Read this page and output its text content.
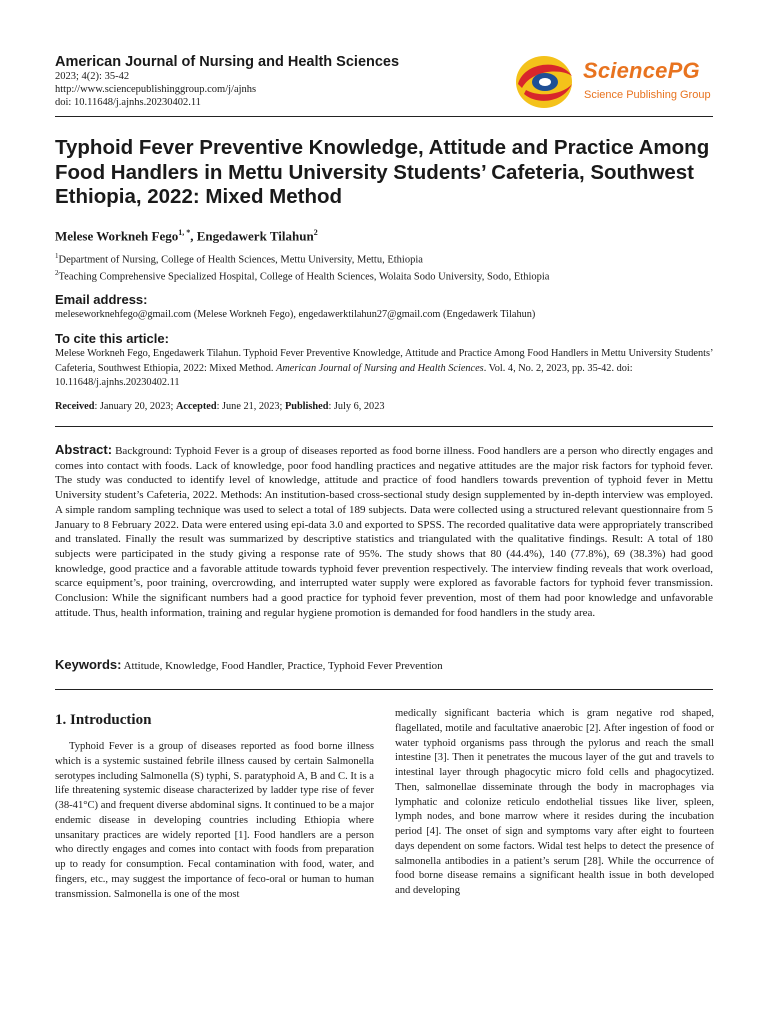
American Journal of Nursing and Health Sciences
2023; 4(2): 35-42
http://www.sciencepublishinggroup.com/j/ajnhs
doi: 10.11648/j.ajnhs.20230402.11
SciencePG
Science Publishing Group
Typhoid Fever Preventive Knowledge, Attitude and Practice Among Food Handlers in Mettu University Students’ Cafeteria, Southwest Ethiopia, 2022: Mixed Method
Melese Workneh Fego$^{1, *}$, Engedawerk Tilahun$^2$
$^1$Department of Nursing, College of Health Sciences, Mettu University, Mettu, Ethiopia
$^2$Teaching Comprehensive Specialized Hospital, College of Health Sciences, Wolaita Sodo University, Sodo, Ethiopia
Email address:
meleseworknehfego@gmail.com (Melese Workneh Fego), engedawerktilahun27@gmail.com (Engedawerk Tilahun)
To cite this article:
Melese Workneh Fego, Engedawerk Tilahun. Typhoid Fever Preventive Knowledge, Attitude and Practice Among Food Handlers in Mettu University Students’ Cafeteria, Southwest Ethiopia, 2022: Mixed Method. American Journal of Nursing and Health Sciences. Vol. 4, No. 2, 2023, pp. 35-42. doi: 10.11648/j.ajnhs.20230402.11
Received: January 20, 2023; Accepted: June 21, 2023; Published: July 6, 2023
Abstract: Background: Typhoid Fever is a group of diseases reported as food borne illness. Food handlers are a person who directly engages and comes into contact with foods. Lack of knowledge, poor food handling practices and negative attitudes are the major risk factors for typhoid fever. The study was conducted to identify level of knowledge, attitude and practice of food handlers towards prevention of typhoid fever in Mettu University student’s Cafeteria, 2022. Methods: An institution-based cross-sectional study design supplemented by in-depth interview was employed. A simple random sampling technique was used to select a total of 189 subjects. Data were collected using a structured relevant questionnaire from 5 January to 8 February 2022. Data were entered using epi-data 3.0 and exported to SPSS. The recorded qualitative data were appropriately transcribed and translated. Finally the result was summarized by descriptive statistics and triangulated with the qualitative findings. Result: A total of 180 subjects were participated in the study giving a response rate of 95%. The study shows that 80 (44.4%), 140 (77.8%), 69 (38.3%) had good knowledge, good practice and a favorable attitude towards typhoid fever prevention respectively. The interview finding reveals that work overload, scarce equipment’s, poor training, overcrowding, and interrupted water supply were explored as favorable factors for typhoid fever transmission. Conclusion: While the significant numbers had a good practice for typhoid fever prevention, most of them had poor knowledge and unfavorable attitude. Thus, health information, training and regular hygiene promotion is demanded for food handlers in the study area.
Keywords: Attitude, Knowledge, Food Handler, Practice, Typhoid Fever Prevention
1. Introduction
Typhoid Fever is a group of diseases reported as food borne illness which is a systemic sustained febrile illness caused by certain Salmonella serotypes including Salmonella (S) typhi, S. paratyphoid A, B and C. It is a life threatening systemic disease characterized by ladder type rise of fever (38-41°C) and frequent diverse abdominal signs. It continued to be a major endemic disease in developing countries including Ethiopia where unsanitary practices are widely reported [1]. Food handlers are a person who directly engages and comes into contact with foods from preparation up to ready for consumption. Fecal contamination with food, water, and fingers, etc., may suggest the importance of feco-oral or human to human transmission. Salmonella is one of the most
medically significant bacteria which is gram negative rod shaped, flagellated, motile and facultative anaerobic [2]. After ingestion of food or water typhoid organisms pass through the pylorus and reach the small intestine [3]. Then it penetrates the mucous layer of the gut and travels to intestinal layer through phagocytic micro fold cells and phagocytized. Then, salmonellae disseminate through the body in macrophages via lymphatic and colonize reticulo endothelial tissues like liver, spleen, lymph nodes, and bone marrow where it resides during the incubation period [4]. The onset of sign and symptoms vary after eight to fourteen days dependent on some factors. Widal test helps to detect the presence of salmonella antibodies in a patient’s serum [28]. While the occurrence of food borne disease remains a significant health issue in both developed and developing
